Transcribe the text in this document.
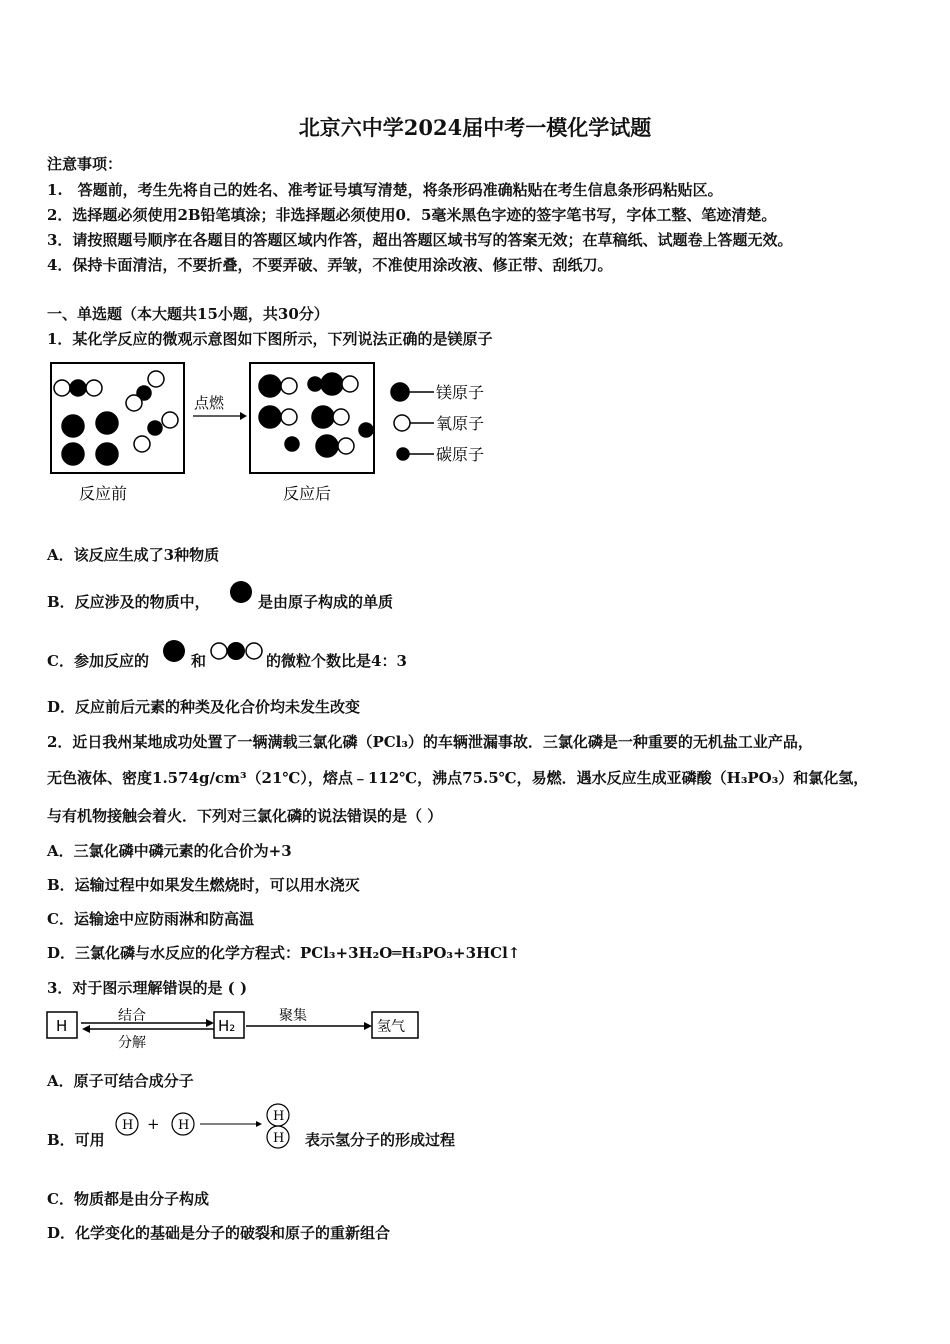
北京六中学2024届中考一模化学试题
注意事项：
1.　答题前，考生先将自己的姓名、准考证号填写清楚，将条形码准确粘贴在考生信息条形码粘贴区。
2．选择题必须使用2B铅笔填涂；非选择题必须使用0．5毫米黑色字迹的签字笔书写，字体工整、笔迹清楚。
3．请按照题号顺序在各题目的答题区域内作答，超出答题区域书写的答案无效；在草稿纸、试题卷上答题无效。
4．保持卡面清洁，不要折叠，不要弄破、弄皱，不准使用涂改液、修正带、刮纸刀。
一、单选题（本大题共15小题，共30分）
1．某化学反应的微观示意图如下图所示，下列说法正确的是镁原子
点燃
镁原子
氧原子
碳原子
反应前	反应后
A．该反应生成了3种物质
B．反应涉及的物质中，	是由原子构成的单质
C．参加反应的	和	的微粒个数比是4：3
D．反应前后元素的种类及化合价均未发生改变
2．近日我州某地成功处置了一辆满载三氯化磷（PCl₃）的车辆泄漏事故．三氯化磷是一种重要的无机盐工业产品，
无色液体、密度1.574g/cm³（21℃），熔点﹣112℃，沸点75.5℃，易燃．遇水反应生成亚磷酸（H₃PO₃）和氯化氢，
与有机物接触会着火．下列对三氯化磷的说法错误的是（ ）
A．三氯化磷中磷元素的化合价为+3
B．运输过程中如果发生燃烧时，可以用水浇灭
C．运输途中应防雨淋和防高温
D．三氯化磷与水反应的化学方程式：PCl₃+3H₂O═H₃PO₃+3HCl↑
3．对于图示理解错误的是 ( )
H
结合
分解
H₂
聚集
氢气
A．原子可结合成分子
B．可用
H + H
H
H 表示氢分子的形成过程
C．物质都是由分子构成
D．化学变化的基础是分子的破裂和原子的重新组合
